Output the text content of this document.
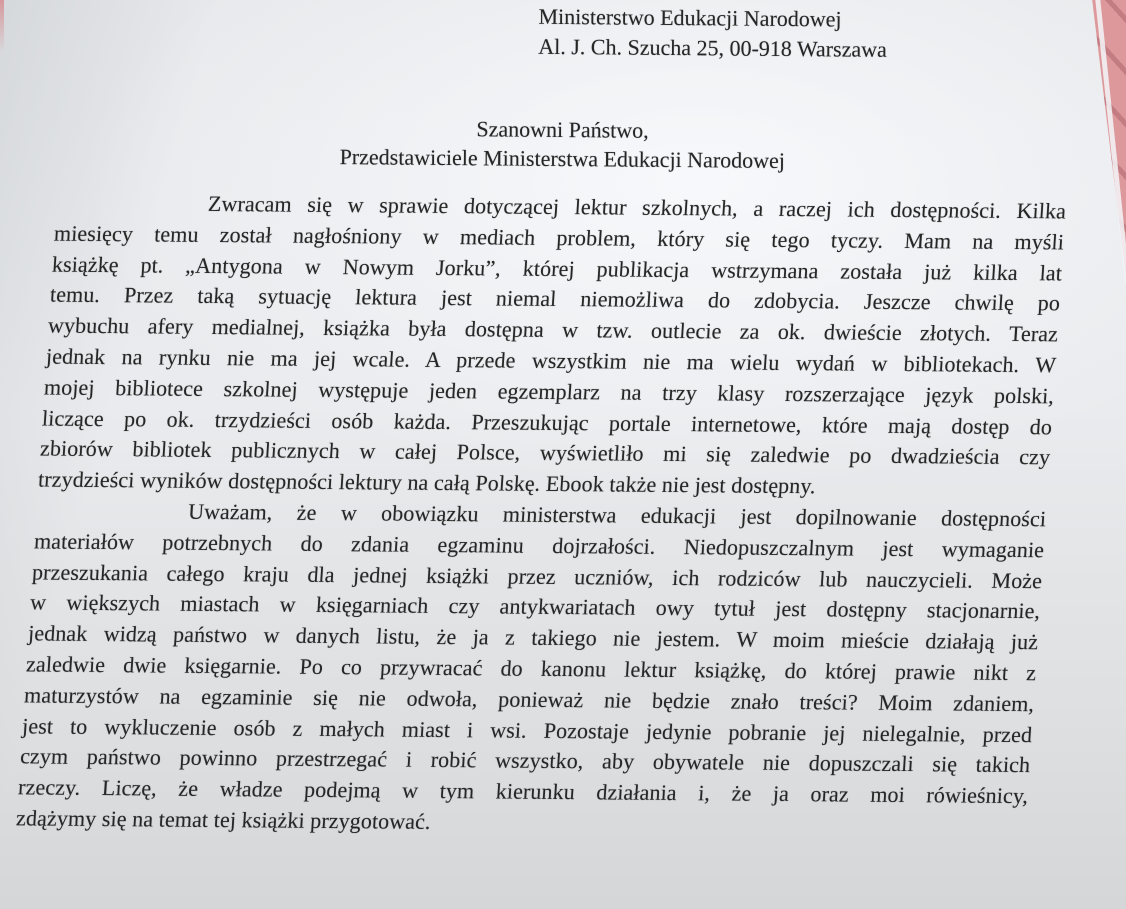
Ministerstwo Edukacji Narodowej
Al. J. Ch. Szucha 25, 00-918 Warszawa
Szanowni Państwo,
Przedstawiciele Ministerstwa Edukacji Narodowej
Zwracam się w sprawie dotyczącej lektur szkolnych, a raczej ich dostępności. Kilka
miesięcy temu został nagłośniony w mediach problem, który się tego tyczy. Mam na myśli
książkę pt. „Antygona w Nowym Jorku”, której publikacja wstrzymana została już kilka lat
temu. Przez taką sytuację lektura jest niemal niemożliwa do zdobycia. Jeszcze chwilę po
wybuchu afery medialnej, książka była dostępna w tzw. outlecie za ok. dwieście złotych. Teraz
jednak na rynku nie ma jej wcale. A przede wszystkim nie ma wielu wydań w bibliotekach. W
mojej bibliotece szkolnej występuje jeden egzemplarz na trzy klasy rozszerzające język polski,
liczące po ok. trzydzieści osób każda. Przeszukując portale internetowe, które mają dostęp do
zbiorów bibliotek publicznych w całej Polsce, wyświetliło mi się zaledwie po dwadzieścia czy
trzydzieści wyników dostępności lektury na całą Polskę. Ebook także nie jest dostępny.
Uważam, że w obowiązku ministerstwa edukacji jest dopilnowanie dostępności
materiałów potrzebnych do zdania egzaminu dojrzałości. Niedopuszczalnym jest wymaganie
przeszukania całego kraju dla jednej książki przez uczniów, ich rodziców lub nauczycieli. Może
w większych miastach w księgarniach czy antykwariatach owy tytuł jest dostępny stacjonarnie,
jednak widzą państwo w danych listu, że ja z takiego nie jestem. W moim mieście działają już
zaledwie dwie księgarnie. Po co przywracać do kanonu lektur książkę, do której prawie nikt z
maturzystów na egzaminie się nie odwoła, ponieważ nie będzie znało treści? Moim zdaniem,
jest to wykluczenie osób z małych miast i wsi. Pozostaje jedynie pobranie jej nielegalnie, przed
czym państwo powinno przestrzegać i robić wszystko, aby obywatele nie dopuszczali się takich
rzeczy. Liczę, że władze podejmą w tym kierunku działania i, że ja oraz moi rówieśnicy,
zdążymy się na temat tej książki przygotować.
